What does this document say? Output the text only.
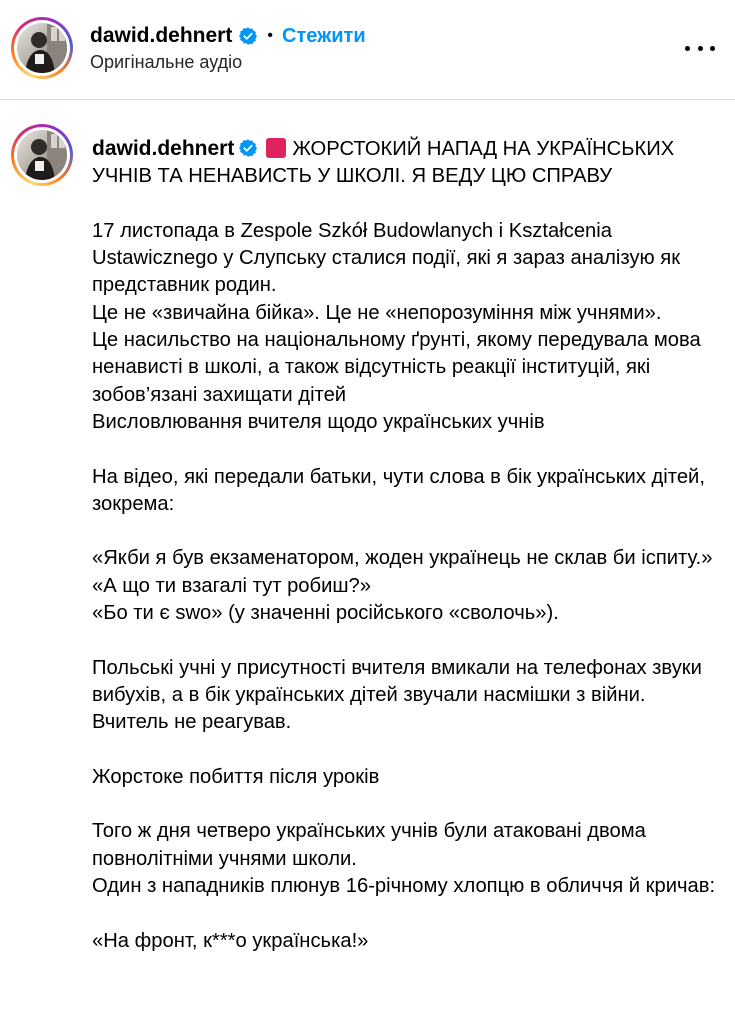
dawid.dehnert • Стежити
Оригінальне аудіо

dawid.dehnert	ЖОРСТОКИЙ НАПАД НА УКРАЇНСЬКИХ УЧНІВ ТА НЕНАВИСТЬ У ШКОЛІ. Я ВЕДУ ЦЮ СПРАВУ

17 листопада в Zespole Szkół Budowlanych i Kształcenia Ustawicznego у Слупську сталися події, які я зараз аналізую як представник родин.
Це не «звичайна бійка». Це не «непорозуміння між учнями».
Це насильство на національному ґрунті, якому передувала мова ненависті в школі, а також відсутність реакції інституцій, які зобов’язані захищати дітей
Висловлювання вчителя щодо українських учнів

На відео, які передали батьки, чути слова в бік українських дітей, зокрема:

«Якби я був екзаменатором, жоден українець не склав би іспиту.»
«А що ти взагалі тут робиш?»
«Бо ти є swo» (у значенні російського «сволочь»).

Польські учні у присутності вчителя вмикали на телефонах звуки вибухів, а в бік українських дітей звучали насмішки з війни.
Вчитель не реагував.

Жорстоке побиття після уроків

Того ж дня четверо українських учнів були атаковані двома повнолітніми учнями школи.
Один з нападників плюнув 16-річному хлопцю в обличчя й кричав:

«На фронт, к***о українська!»
